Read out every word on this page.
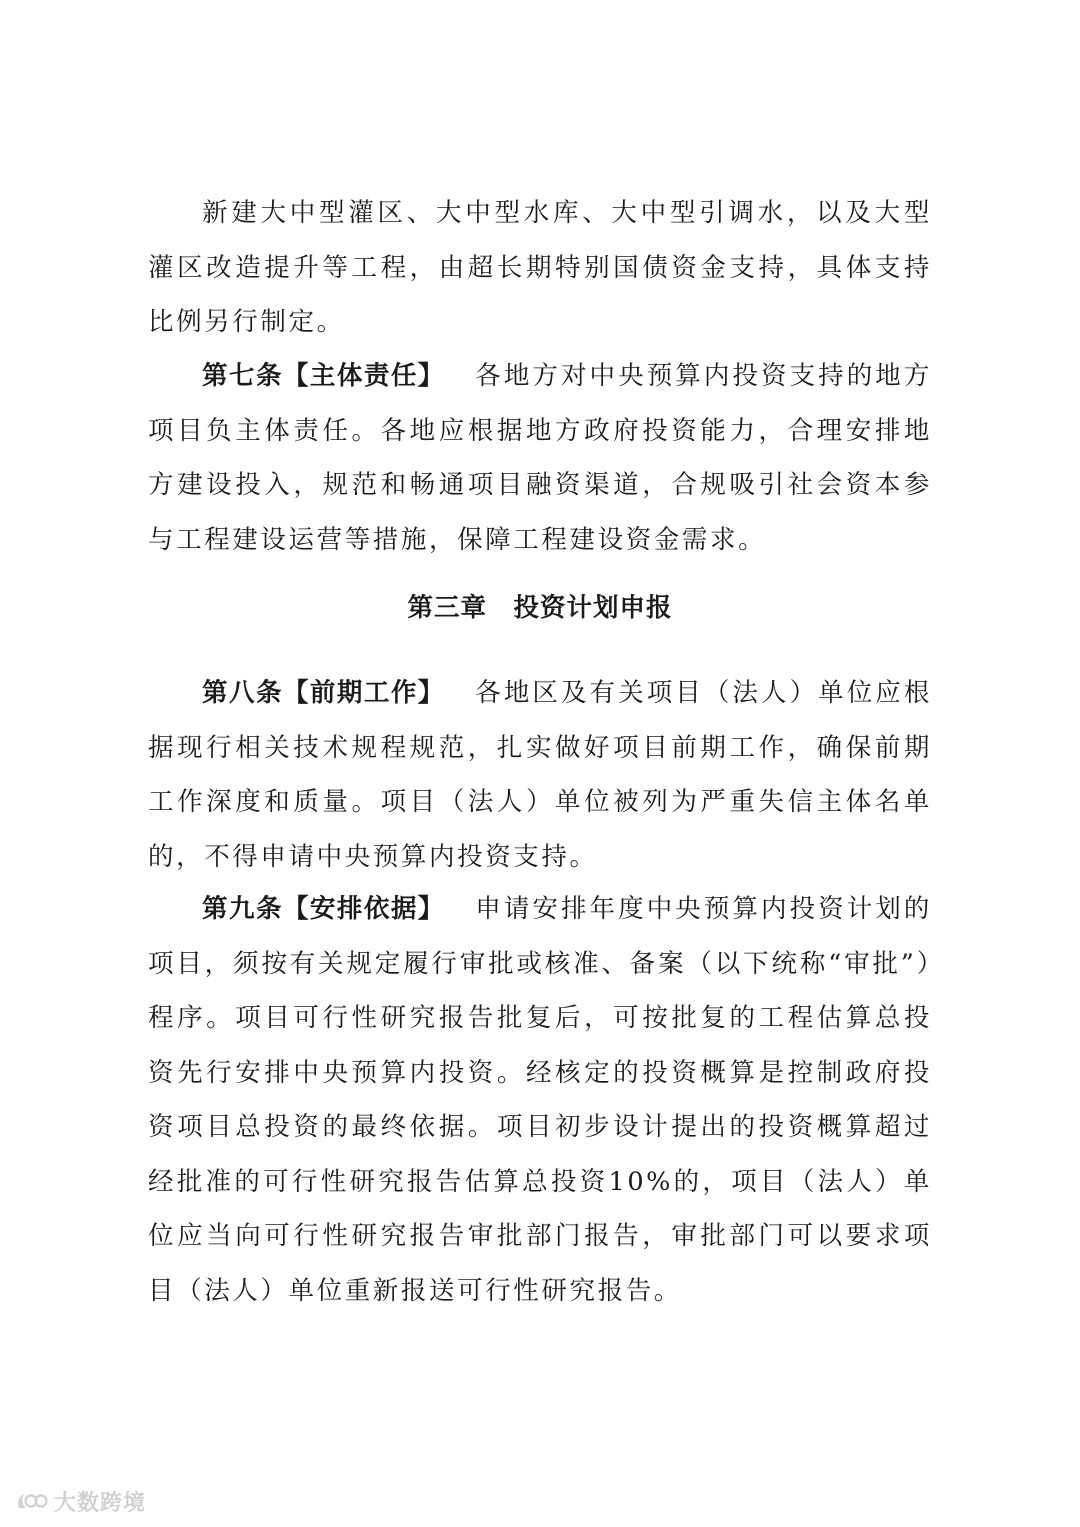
新建大中型灌区、大中型水库、大中型引调水，以及大型灌区改造提升等工程，由超长期特别国债资金支持，具体支持比例另行制定。

第七条【主体责任】 各地方对中央预算内投资支持的地方项目负主体责任。各地应根据地方政府投资能力，合理安排地方建设投入，规范和畅通项目融资渠道，合规吸引社会资本参与工程建设运营等措施，保障工程建设资金需求。

第三章　投资计划申报

第八条【前期工作】 各地区及有关项目（法人）单位应根据现行相关技术规程规范，扎实做好项目前期工作，确保前期工作深度和质量。项目（法人）单位被列为严重失信主体名单的，不得申请中央预算内投资支持。

第九条【安排依据】 申请安排年度中央预算内投资计划的项目，须按有关规定履行审批或核准、备案（以下统称“审批”）程序。项目可行性研究报告批复后，可按批复的工程估算总投资先行安排中央预算内投资。经核定的投资概算是控制政府投资项目总投资的最终依据。项目初步设计提出的投资概算超过经批准的可行性研究报告估算总投资10%的，项目（法人）单位应当向可行性研究报告审批部门报告，审批部门可以要求项目（法人）单位重新报送可行性研究报告。

大数跨境
